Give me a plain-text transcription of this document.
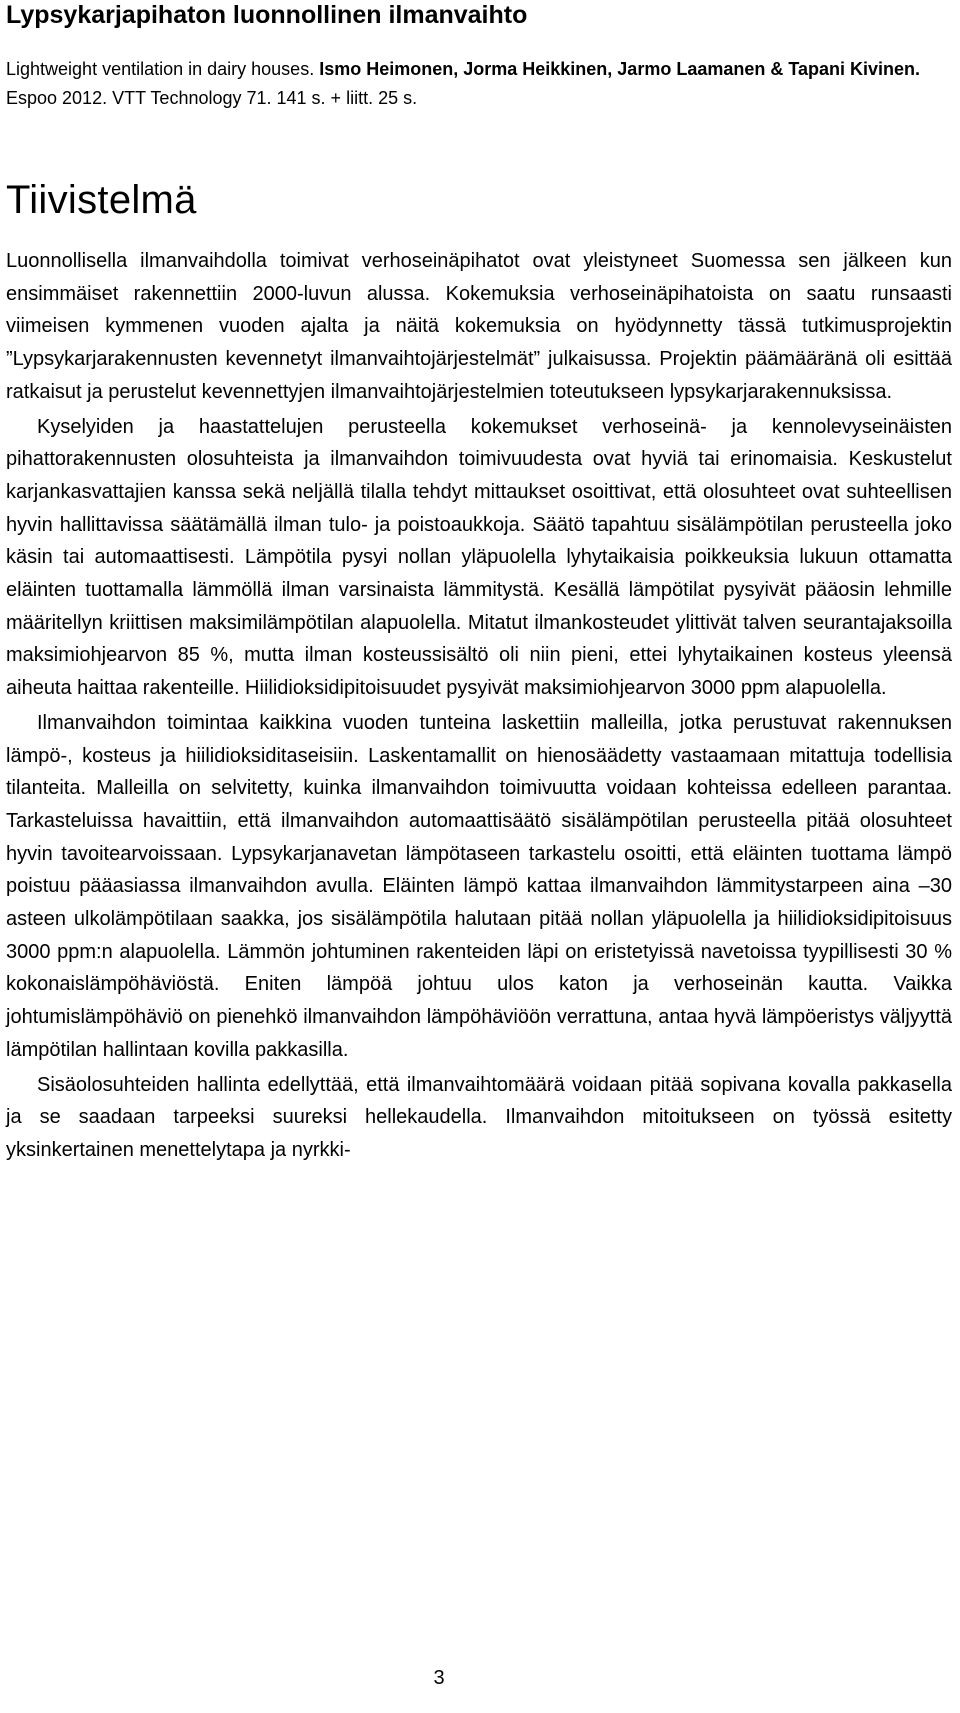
Lypsykarjapihaton luonnollinen ilmanvaihto

Lightweight ventilation in dairy houses. Ismo Heimonen, Jorma Heikkinen, Jarmo Laamanen & Tapani Kivinen. Espoo 2012. VTT Technology 71. 141 s. + liitt. 25 s.

Tiivistelmä

Luonnollisella ilmanvaihdolla toimivat verhoseinäpihatot ovat yleistyneet Suomessa sen jälkeen kun ensimmäiset rakennettiin 2000-luvun alussa. Kokemuksia verhoseinäpihatoista on saatu runsaasti viimeisen kymmenen vuoden ajalta ja näitä kokemuksia on hyödynnetty tässä tutkimusprojektin ”Lypsykarjarakennusten kevennetyt ilmanvaihtojärjestelmät” julkaisussa. Projektin päämääränä oli esittää ratkaisut ja perustelut kevennettyjen ilmanvaihtojärjestelmien toteutukseen lypsykarjarakennuksissa.

Kyselyiden ja haastattelujen perusteella kokemukset verhoseinä- ja kennolevyseinäisten pihattorakennusten olosuhteista ja ilmanvaihdon toimivuudesta ovat hyviä tai erinomaisia. Keskustelut karjankasvattajien kanssa sekä neljällä tilalla tehdyt mittaukset osoittivat, että olosuhteet ovat suhteellisen hyvin hallittavissa säätämällä ilman tulo- ja poistoaukkoja. Säätö tapahtuu sisälämpötilan perusteella joko käsin tai automaattisesti. Lämpötila pysyi nollan yläpuolella lyhytaikaisia poikkeuksia lukuun ottamatta eläinten tuottamalla lämmöllä ilman varsinaista lämmitystä. Kesällä lämpötilat pysyivät pääosin lehmille määritellyn kriittisen maksimilämpötilan alapuolella. Mitatut ilmankosteudet ylittivät talven seurantajaksoilla maksimiohjearvon 85 %, mutta ilman kosteussisältö oli niin pieni, ettei lyhytaikainen kosteus yleensä aiheuta haittaa rakenteille. Hiilidioksidipitoisuudet pysyivät maksimiohjearvon 3000 ppm alapuolella.

Ilmanvaihdon toimintaa kaikkina vuoden tunteina laskettiin malleilla, jotka perustuvat rakennuksen lämpö-, kosteus ja hiilidioksiditaseisiin. Laskentamallit on hienosäädetty vastaamaan mitattuja todellisia tilanteita. Malleilla on selvitetty, kuinka ilmanvaihdon toimivuutta voidaan kohteissa edelleen parantaa. Tarkasteluissa havaittiin, että ilmanvaihdon automaattisäätö sisälämpötilan perusteella pitää olosuhteet hyvin tavoitearvoissaan. Lypsykarjanavetan lämpötaseen tarkastelu osoitti, että eläinten tuottama lämpö poistuu pääasiassa ilmanvaihdon avulla. Eläinten lämpö kattaa ilmanvaihdon lämmitystarpeen aina –30 asteen ulkolämpötilaan saakka, jos sisälämpötila halutaan pitää nollan yläpuolella ja hiilidioksidipitoisuus 3000 ppm:n alapuolella. Lämmön johtuminen rakenteiden läpi on eristetyissä navetoissa tyypillisesti 30 % kokonaislämpöhäviöstä. Eniten lämpöä johtuu ulos katon ja verhoseinän kautta. Vaikka johtumislämpöhäviö on pienehkö ilmanvaihdon lämpöhäviöön verrattuna, antaa hyvä lämpöeristys väljyyttä lämpötilan hallintaan kovilla pakkasilla.

Sisäolosuhteiden hallinta edellyttää, että ilmanvaihtomäärä voidaan pitää sopivana kovalla pakkasella ja se saadaan tarpeeksi suureksi hellekaudella. Ilmanvaihdon mitoitukseen on työssä esitetty yksinkertainen menettelytapa ja nyrkki-

3
